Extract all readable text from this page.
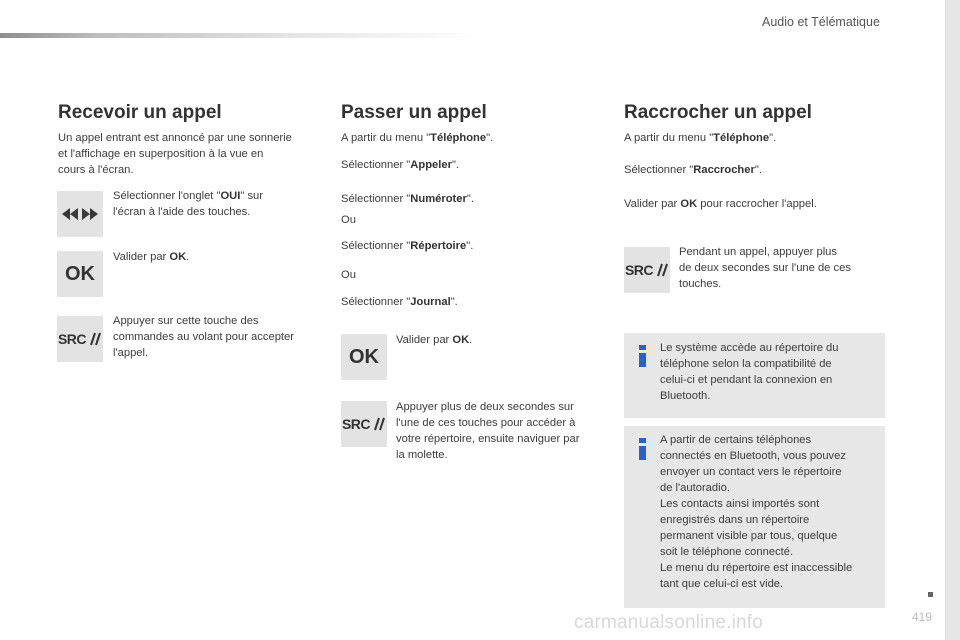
Audio et Télématique
Recevoir un appel

Un appel entrant est annoncé par une sonnerie
et l'affichage en superposition à la vue en
cours à l'écran.

Sélectionner l'onglet "OUI" sur
l'écran à l'aide des touches.

OK

Valider par OK.

SRC

Appuyer sur cette touche des
commandes au volant pour accepter
l'appel.

Passer un appel

A partir du menu "Téléphone".

Sélectionner "Appeler".

Sélectionner "Numéroter".

Ou

Sélectionner "Répertoire".

Ou

Sélectionner "Journal".

OK

Valider par OK.

SRC

Appuyer plus de deux secondes sur
l'une de ces touches pour accéder à
votre répertoire, ensuite naviguer par
la molette.

Raccrocher un appel

A partir du menu "Téléphone".

Sélectionner "Raccrocher".

Valider par OK pour raccrocher l'appel.

SRC

Pendant un appel, appuyer plus
de deux secondes sur l'une de ces
touches.

Le système accède au répertoire du
téléphone selon la compatibilité de
celui-ci et pendant la connexion en
Bluetooth.

A partir de certains téléphones
connectés en Bluetooth, vous pouvez
envoyer un contact vers le répertoire
de l'autoradio.
Les contacts ainsi importés sont
enregistrés dans un répertoire
permanent visible par tous, quelque
soit le téléphone connecté.
Le menu du répertoire est inaccessible
tant que celui-ci est vide.

419
carmanualsonline.info
